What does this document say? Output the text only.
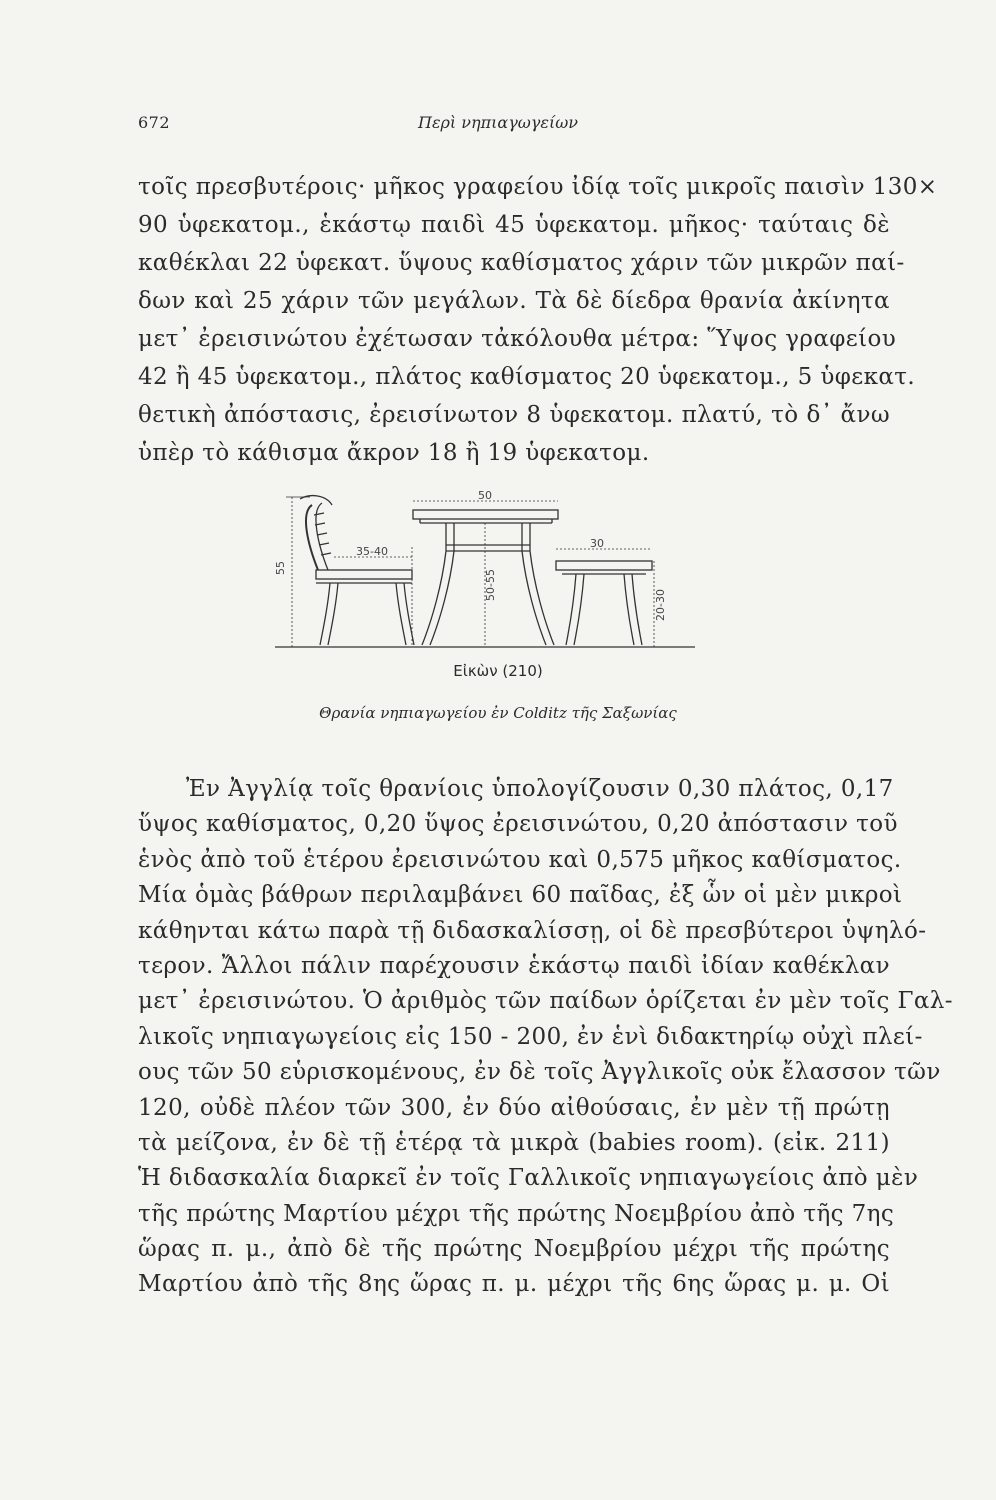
672	Περὶ νηπιαγωγείων
τοῖς πρεσβυτέροις· μῆκος γραφείου ἰδίᾳ τοῖς μικροῖς παισὶν 130×
90 ὑφεκατομ., ἑκάστῳ παιδὶ 45 ὑφεκατομ. μῆκος· ταύταις δὲ
καθέκλαι 22 ὑφεκατ. ὕψους καθίσματος χάριν τῶν μικρῶν παί-
δων καὶ 25 χάριν τῶν μεγάλων. Τὰ δὲ δίεδρα θρανία ἀκίνητα
μετ᾽ ἐρεισινώτου ἐχέτωσαν τἀκόλουθα μέτρα: Ὕψος γραφείου
42 ἢ 45 ὑφεκατομ., πλάτος καθίσματος 20 ὑφεκατομ., 5 ὑφεκατ.
θετικὴ ἀπόστασις, ἐρεισίνωτον 8 ὑφεκατομ. πλατύ, τὸ δ᾽ ἄνω
ὑπὲρ τὸ κάθισμα ἄκρον 18 ἢ 19 ὑφεκατομ.
55
35-40
50
50-55
30
20-30
Εἰκὼν (210)
Θρανία νηπιαγωγείου ἐν Colditz τῆς Σαξωνίας
Ἐν Ἀγγλίᾳ τοῖς θρανίοις ὑπολογίζουσιν 0,30 πλάτος, 0,17
ὕψος καθίσματος, 0,20 ὕψος ἐρεισινώτου, 0,20 ἀπόστασιν τοῦ
ἑνὸς ἀπὸ τοῦ ἑτέρου ἐρεισινώτου καὶ 0,575 μῆκος καθίσματος.
Μία ὁμὰς βάθρων περιλαμβάνει 60 παῖδας, ἐξ ὧν οἱ μὲν μικροὶ
κάθηνται κάτω παρὰ τῇ διδασκαλίσσῃ, οἱ δὲ πρεσβύτεροι ὑψηλό-
τερον. Ἄλλοι πάλιν παρέχουσιν ἑκάστῳ παιδὶ ἰδίαν καθέκλαν
μετ᾽ ἐρεισινώτου. Ὁ ἀριθμὸς τῶν παίδων ὁρίζεται ἐν μὲν τοῖς Γαλ-
λικοῖς νηπιαγωγείοις εἰς 150 - 200, ἐν ἑνὶ διδακτηρίῳ οὐχὶ πλεί-
ους τῶν 50 εὑρισκομένους, ἐν δὲ τοῖς Ἀγγλικοῖς οὐκ ἔλασσον τῶν
120, οὐδὲ πλέον τῶν 300, ἐν δύο αἰθούσαις, ἐν μὲν τῇ πρώτῃ
τὰ μείζονα, ἐν δὲ τῇ ἑτέρᾳ τὰ μικρὰ (babies room). (εἰκ. 211)
Ἡ διδασκαλία διαρκεῖ ἐν τοῖς Γαλλικοῖς νηπιαγωγείοις ἀπὸ μὲν
τῆς πρώτης Μαρτίου μέχρι τῆς πρώτης Νοεμβρίου ἀπὸ τῆς 7ης
ὥρας π. μ., ἀπὸ δὲ τῆς πρώτης Νοεμβρίου μέχρι τῆς πρώτης
Μαρτίου ἀπὸ τῆς 8ης ὥρας π. μ. μέχρι τῆς 6ης ὥρας μ. μ. Οἱ
